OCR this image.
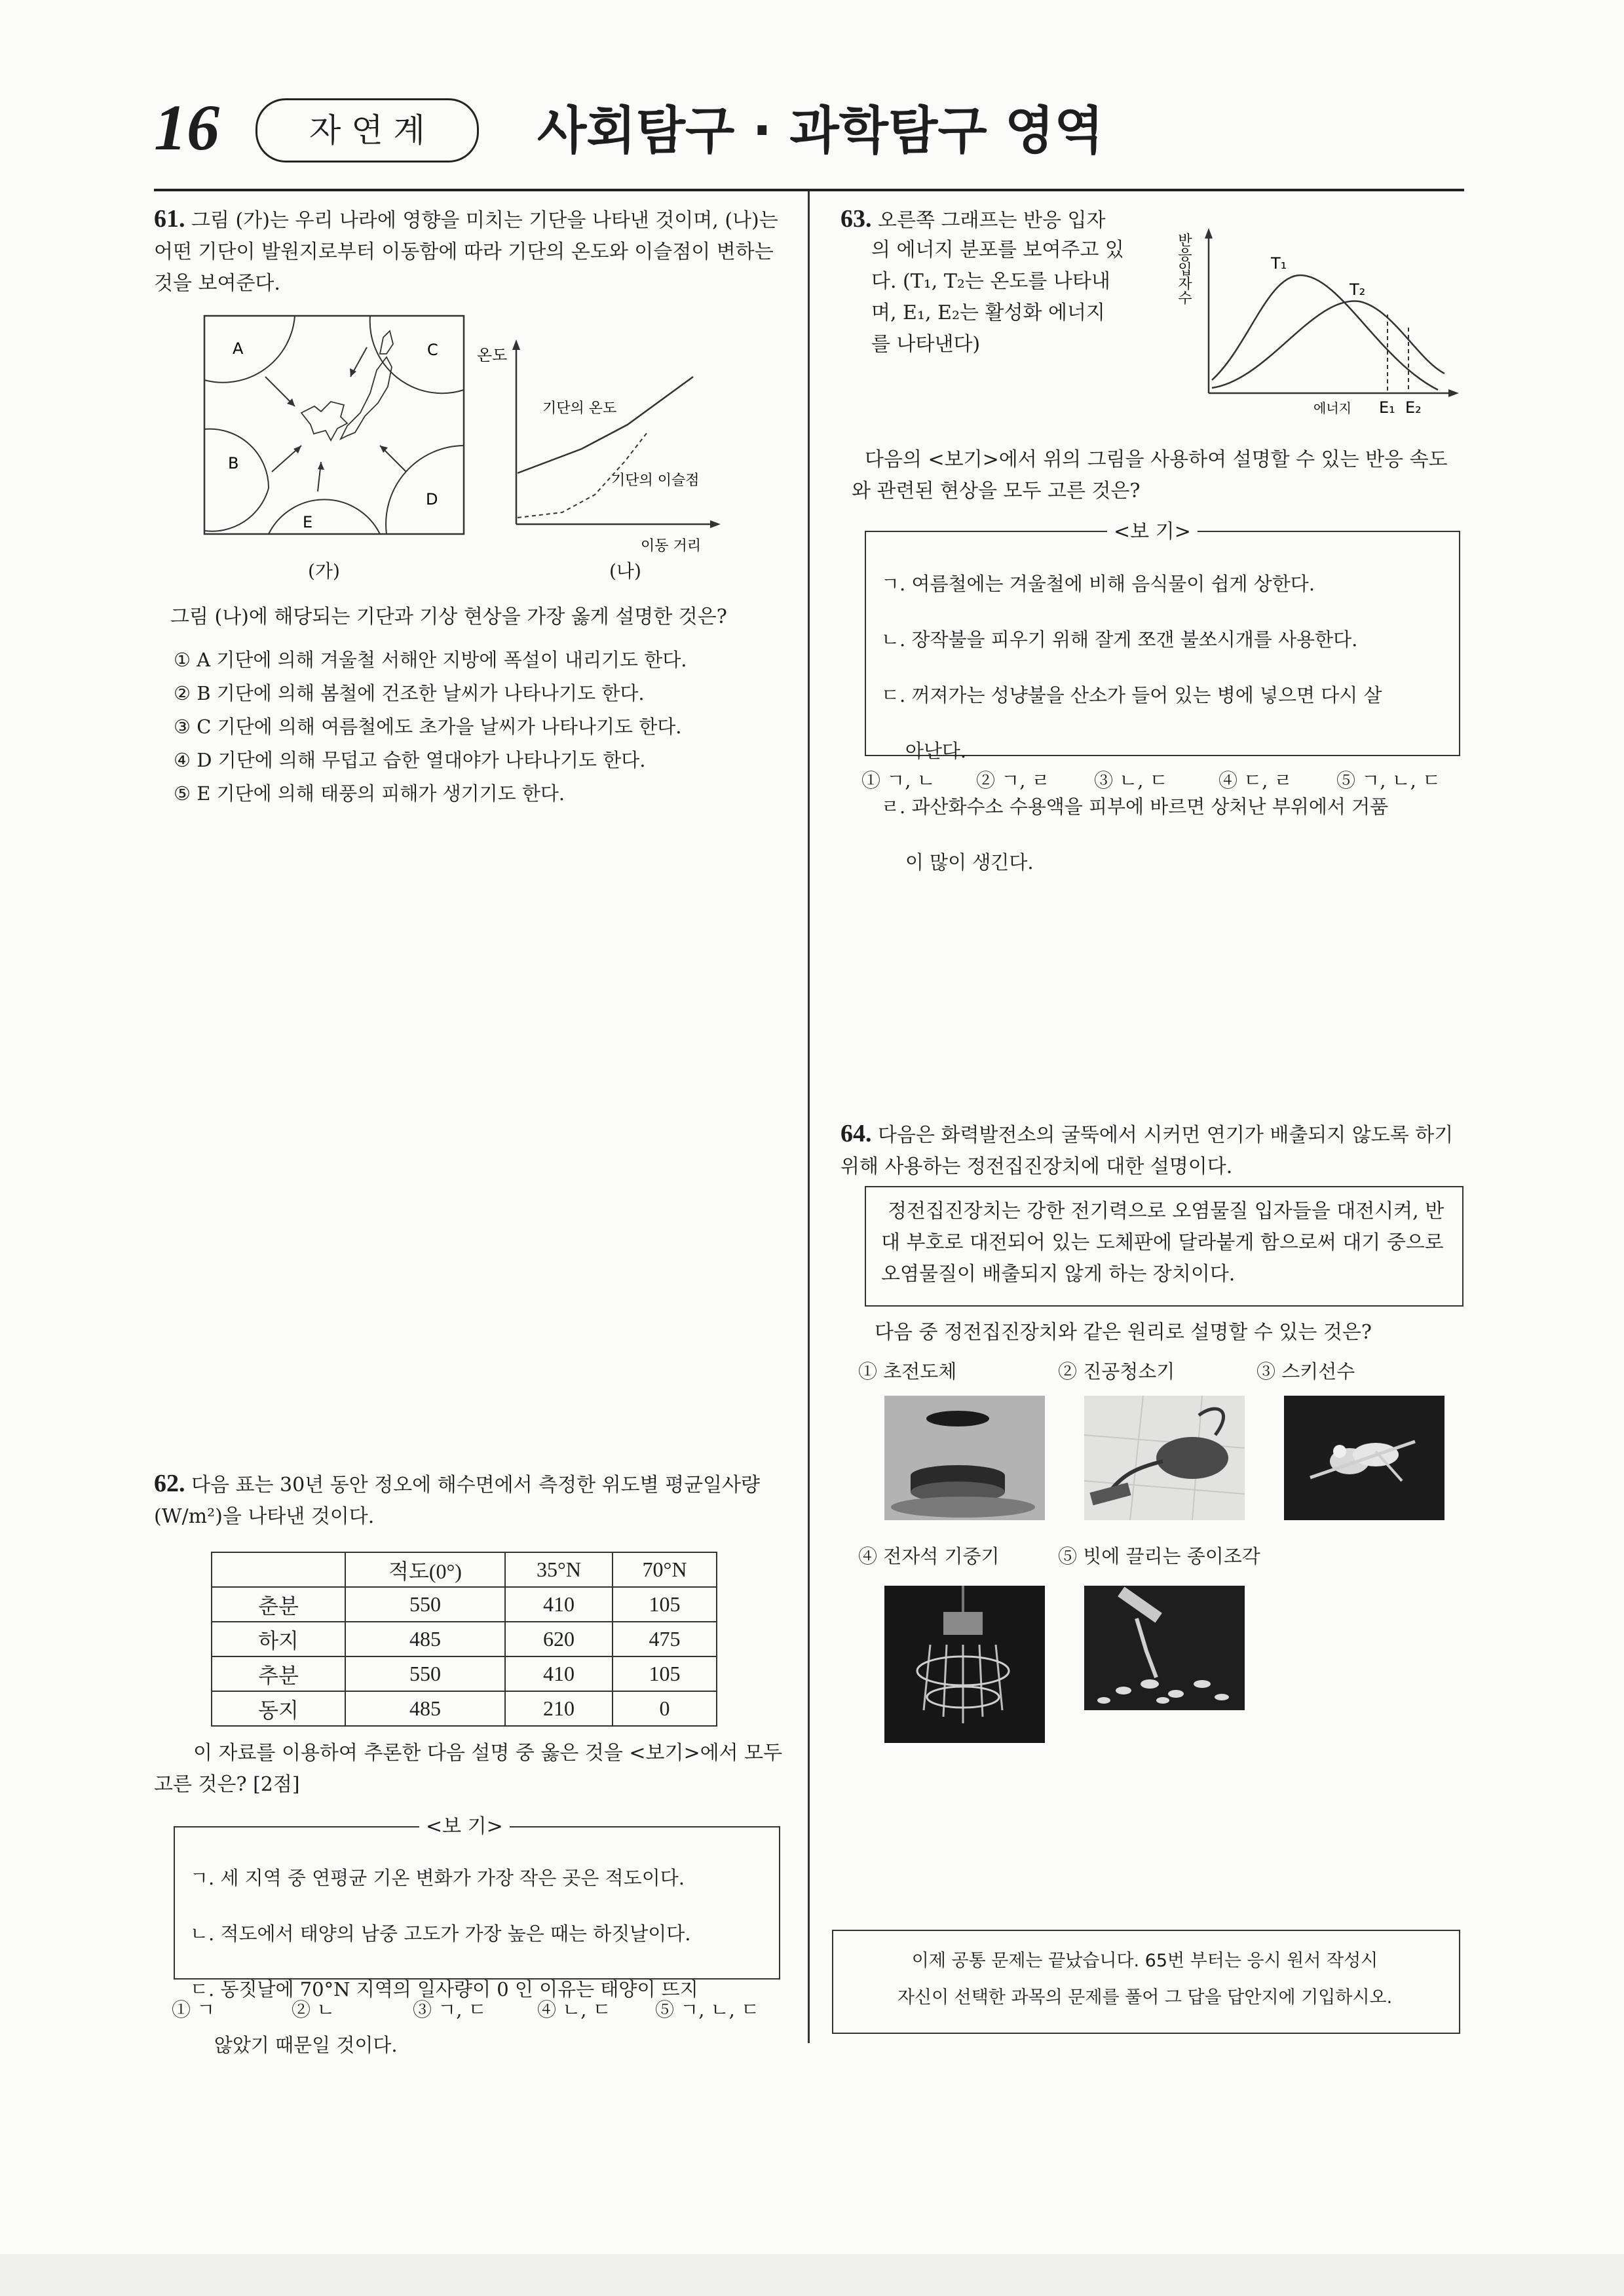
16	자 연 계	사회탐구 · 과학탐구 영역
61. 그림 (가)는 우리 나라에 영향을 미치는 기단을 나타낸 것이며, (나)는 어떤 기단이 발원지로부터 이동함에 따라 기단의 온도와 이슬점이 변하는 것을 보여준다.
A	C
B
D
E
(가)
온도
기단의 온도
기단의 이슬점
이동 거리
(나)
그림 (나)에 해당되는 기단과 기상 현상을 가장 옳게 설명한 것은?
① A 기단에 의해 겨울철 서해안 지방에 폭설이 내리기도 한다.
② B 기단에 의해 봄철에 건조한 날씨가 나타나기도 한다.
③ C 기단에 의해 여름철에도 초가을 날씨가 나타나기도 한다.
④ D 기단에 의해 무덥고 습한 열대야가 나타나기도 한다.
⑤ E 기단에 의해 태풍의 피해가 생기기도 한다.
62. 다음 표는 30년 동안 정오에 해수면에서 측정한 위도별 평균일사량(W/m²)을 나타낸 것이다.
	적도(0°)	35°N	70°N
춘분	550	410	105
하지	485	620	475
추분	550	410	105
동지	485	210	0
이 자료를 이용하여 추론한 다음 설명 중 옳은 것을 <보기>에서 모두 고른 것은? [2점]
<보 기>

ㄱ. 세 지역 중 연평균 기온 변화가 가장 작은 곳은 적도이다.

ㄴ. 적도에서 태양의 남중 고도가 가장 높은 때는 하짓날이다.

ㄷ. 동짓날에 70°N 지역의 일사량이 0 인 이유는 태양이 뜨지

않았기 때문일 것이다.

① ㄱ	② ㄴ	③ ㄱ, ㄷ	④ ㄴ, ㄷ ⑤ ㄱ, ㄴ, ㄷ
63. 오른쪽 그래프는 반응 입자
의 에너지 분포를 보여주고 있
다. (T₁, T₂는 온도를 나타내
며, E₁, E₂는 활성화 에너지
를 나타낸다)
반응입자수	T₁
T₂
에너지 E₁ E₂
다음의 <보기>에서 위의 그림을 사용하여 설명할 수 있는 반응 속도와 관련된 현상을 모두 고른 것은?
<보 기>

ㄱ. 여름철에는 겨울철에 비해 음식물이 쉽게 상한다.

ㄴ. 장작불을 피우기 위해 잘게 쪼갠 불쏘시개를 사용한다.

ㄷ. 꺼져가는 성냥불을 산소가 들어 있는 병에 넣으면 다시 살

아난다.

ㄹ. 과산화수소 수용액을 피부에 바르면 상처난 부위에서 거품

이 많이 생긴다.

① ㄱ, ㄴ ② ㄱ, ㄹ ③ ㄴ, ㄷ	④ ㄷ, ㄹ ⑤ ㄱ, ㄴ, ㄷ
64. 다음은 화력발전소의 굴뚝에서 시커먼 연기가 배출되지 않도록 하기 위해 사용하는 정전집진장치에 대한 설명이다.
정전집진장치는 강한 전기력으로 오염물질 입자들을 대전시켜, 반대 부호로 대전되어 있는 도체판에 달라붙게 함으로써 대기 중으로 오염물질이 배출되지 않게 하는 장치이다.
다음 중 정전집진장치와 같은 원리로 설명할 수 있는 것은?
① 초전도체	② 진공청소기	③ 스키선수
④ 전자석 기중기	⑤ 빗에 끌리는 종이조각
이제 공통 문제는 끝났습니다. 65번 부터는 응시 원서 작성시
자신이 선택한 과목의 문제를 풀어 그 답을 답안지에 기입하시오.
